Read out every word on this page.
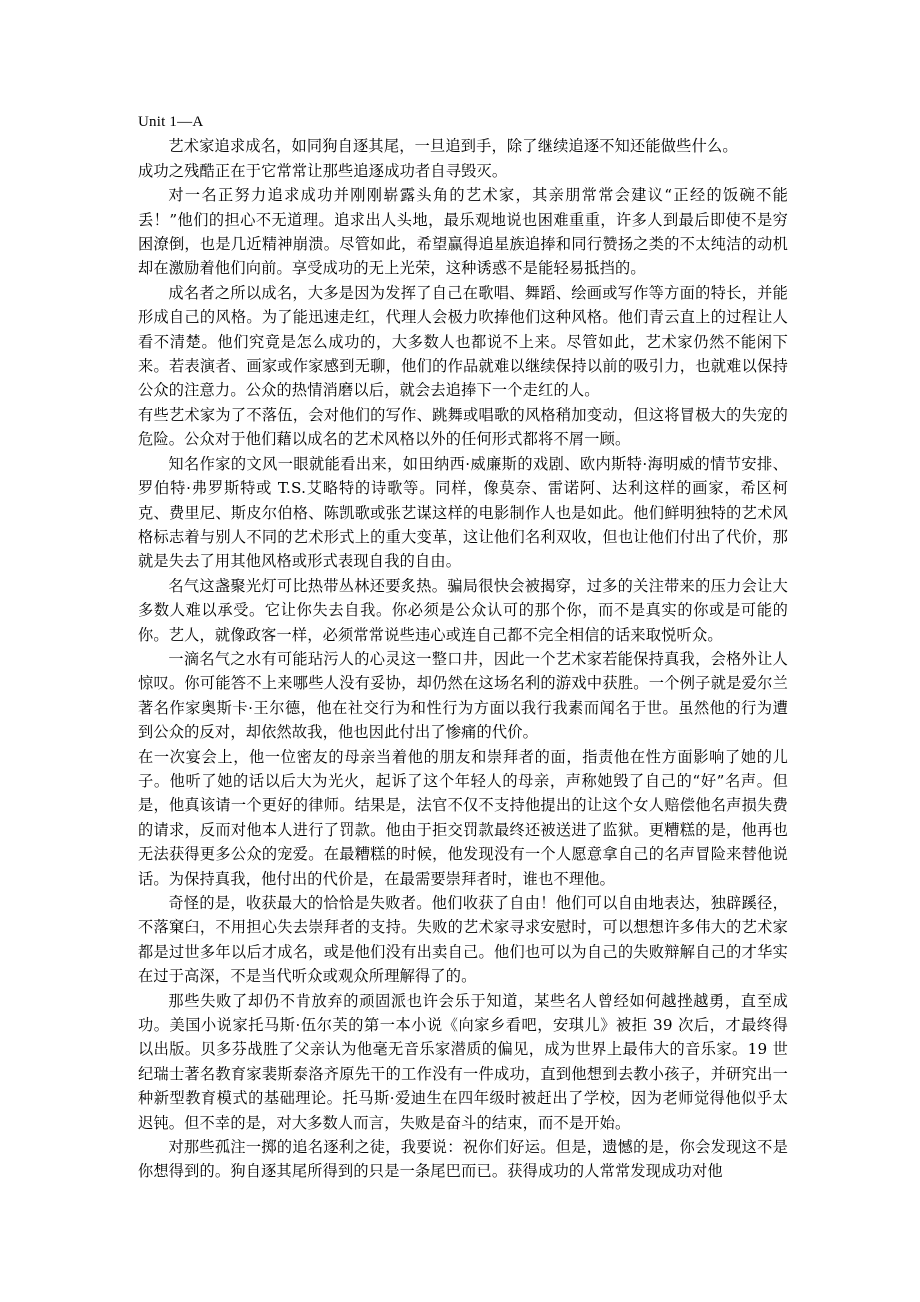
Unit 1—A

艺术家追求成名，如同狗自逐其尾，一旦追到手，除了继续追逐不知还能做些什么。

成功之残酷正在于它常常让那些追逐成功者自寻毁灭。

对一名正努力追求成功并刚刚崭露头角的艺术家，其亲朋常常会建议“正经的饭碗不能丢！”他们的担心不无道理。追求出人头地，最乐观地说也困难重重，许多人到最后即使不是穷困潦倒，也是几近精神崩溃。尽管如此，希望赢得追星族追捧和同行赞扬之类的不太纯洁的动机却在激励着他们向前。享受成功的无上光荣，这种诱惑不是能轻易抵挡的。

成名者之所以成名，大多是因为发挥了自己在歌唱、舞蹈、绘画或写作等方面的特长，并能形成自己的风格。为了能迅速走红，代理人会极力吹捧他们这种风格。他们青云直上的过程让人看不清楚。他们究竟是怎么成功的，大多数人也都说不上来。尽管如此，艺术家仍然不能闲下来。若表演者、画家或作家感到无聊，他们的作品就难以继续保持以前的吸引力，也就难以保持公众的注意力。公众的热情消磨以后，就会去追捧下一个走红的人。

有些艺术家为了不落伍，会对他们的写作、跳舞或唱歌的风格稍加变动，但这将冒极大的失宠的危险。公众对于他们藉以成名的艺术风格以外的任何形式都将不屑一顾。

知名作家的文风一眼就能看出来，如田纳西·威廉斯的戏剧、欧内斯特·海明威的情节安排、罗伯特·弗罗斯特或 T.S.艾略特的诗歌等。同样，像莫奈、雷诺阿、达利这样的画家，希区柯克、费里尼、斯皮尔伯格、陈凯歌或张艺谋这样的电影制作人也是如此。他们鲜明独特的艺术风格标志着与别人不同的艺术形式上的重大变革，这让他们名利双收，但也让他们付出了代价，那就是失去了用其他风格或形式表现自我的自由。

名气这盏聚光灯可比热带丛林还要炙热。骗局很快会被揭穿，过多的关注带来的压力会让大多数人难以承受。它让你失去自我。你必须是公众认可的那个你，而不是真实的你或是可能的你。艺人，就像政客一样，必须常常说些违心或连自己都不完全相信的话来取悦听众。

一滴名气之水有可能玷污人的心灵这一整口井，因此一个艺术家若能保持真我，会格外让人惊叹。你可能答不上来哪些人没有妥协，却仍然在这场名利的游戏中获胜。一个例子就是爱尔兰著名作家奥斯卡·王尔德，他在社交行为和性行为方面以我行我素而闻名于世。虽然他的行为遭到公众的反对，却依然故我，他也因此付出了惨痛的代价。

在一次宴会上，他一位密友的母亲当着他的朋友和崇拜者的面，指责他在性方面影响了她的儿子。他听了她的话以后大为光火，起诉了这个年轻人的母亲，声称她毁了自己的“好”名声。但是，他真该请一个更好的律师。结果是，法官不仅不支持他提出的让这个女人赔偿他名声损失费的请求，反而对他本人进行了罚款。他由于拒交罚款最终还被送进了监狱。更糟糕的是，他再也无法获得更多公众的宠爱。在最糟糕的时候，他发现没有一个人愿意拿自己的名声冒险来替他说话。为保持真我，他付出的代价是，在最需要崇拜者时，谁也不理他。

奇怪的是，收获最大的恰恰是失败者。他们收获了自由！他们可以自由地表达，独辟蹊径，不落窠臼，不用担心失去崇拜者的支持。失败的艺术家寻求安慰时，可以想想许多伟大的艺术家都是过世多年以后才成名，或是他们没有出卖自己。他们也可以为自己的失败辩解自己的才华实在过于高深，不是当代听众或观众所理解得了的。

那些失败了却仍不肯放弃的顽固派也许会乐于知道，某些名人曾经如何越挫越勇，直至成功。美国小说家托马斯·伍尔芙的第一本小说《向家乡看吧，安琪儿》被拒 39 次后，才最终得以出版。贝多芬战胜了父亲认为他毫无音乐家潜质的偏见，成为世界上最伟大的音乐家。19 世纪瑞士著名教育家裴斯泰洛齐原先干的工作没有一件成功，直到他想到去教小孩子，并研究出一种新型教育模式的基础理论。托马斯·爱迪生在四年级时被赶出了学校，因为老师觉得他似乎太迟钝。但不幸的是，对大多数人而言，失败是奋斗的结束，而不是开始。

对那些孤注一掷的追名逐利之徒，我要说：祝你们好运。但是，遗憾的是，你会发现这不是你想得到的。狗自逐其尾所得到的只是一条尾巴而已。获得成功的人常常发现成功对他
